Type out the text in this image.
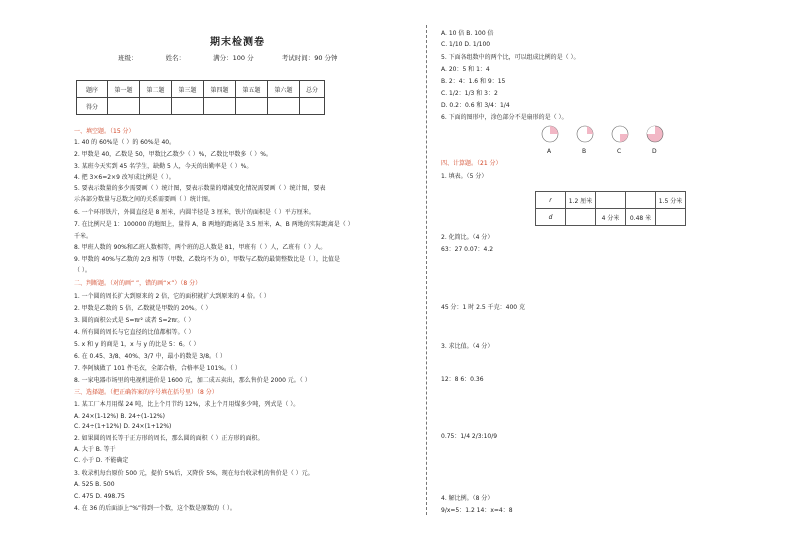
期末检测卷
班级：	姓名：	满分：100 分	考试时间：90 分钟
题序	第一题	第二题	第三题	第四题	第五题	第六题	总分
得分							
一、填空题。（15 分）
1. 40 的 60%是（ ）的 60%是 40。
2. 甲数是 40，乙数是 50，甲数比乙数少（ ）%，乙数比甲数多（ ）%。
3. 某班今天实到 45 名学生，缺勤 5 人，今天的出勤率是（ ）%。
4. 把 3×6=2×9 改写成比例是（ ）。
5. 要表示数量的多少需要画（ ）统计图，要表示数量的增减变化情况需要画（ ）统计图，要表
示各部分数量与总数之间的关系需要画（ ）统计图。
6. 一个环形铁片，外圆直径是 8 厘米，内圆半径是 3 厘米，铁片的面积是（ ）平方厘米。
7. 在比例尺是 1：100000 的地图上，量得 A、B 两地的距离是 3.5 厘米，A、B 两地的实际距离是（ ）
千米。
8. 甲班人数的 90%和乙班人数相等，两个班的总人数是 81，甲班有（ ）人，乙班有（ ）人。
9. 甲数的 40%与乙数的 2/3 相等（甲数、乙数均不为 0），甲数与乙数的最简整数比是（ ），比值是
（ ）。
二、判断题。（对的画“ ”，错的画“×”）（8 分）
1. 一个圆的周长扩大到原来的 2 倍，它的面积就扩大到原来的 4 倍。（ ）
2. 甲数是乙数的 5 倍，乙数就是甲数的 20%。（ ）
3. 圆的面积公式是 S=πr² 或者 S=2πr。（ ）
4. 所有圆的周长与它直径的比值都相等。（ ）
5. x 和 y 的商是 1，x 与 y 的比是 5：6。（ ）
6. 在 0.45、3/8、40%、3/7 中，最小的数是 3/8。（ ）
7. 李阿姨做了 101 件毛衣，全部合格，合格率是 101%。（ ）
8. 一家电器市场里的电视机进价是 1600 元，加二成五卖出，那么售价是 2000 元。（ ）
三、选择题。（把正确答案的序号填在括号里）（8 分）
1. 某工厂本月用煤 24 吨，比上个月节约 12%，求上个月用煤多少吨，列式是（ ）。
A. 24×(1-12%) B. 24÷(1-12%)
C. 24÷(1+12%) D. 24×(1+12%)
2. 如果圆的周长等于正方形的周长，那么圆的面积（ ）正方形的面积。
A. 大于 B. 等于
C. 小于 D. 不能确定
3. 收录机每台原价 500 元，提价 5%后，又降价 5%，现在每台收录机的售价是（ ）元。
A. 525 B. 500
C. 475 D. 498.75
4. 在 36 的后面添上“%”得到一个数，这个数是原数的（ ）。
A. 10 倍 B. 100 倍
C. 1/10 D. 1/100
5. 下面各组数中的两个比，可以组成比例的是（ ）。
A. 20：5 和 1：4
B. 2：4：1.6 和 9：15
C. 1/2：1/3 和 3：2
D. 0.2：0.6 和 3/4：1/4
6. 下面的图形中，涂色部分不是扇形的是（ ）。
A	B	C	D
四、计算题。（21 分）
1. 填表。（5 分）
r	1.2 厘米			1.5 分米
d		4 分米	0.48 米	
2. 化简比。（4 分）
63：27 0.07：4.2
45 分：1 时 2.5 千克：400 克
3. 求比值。（4 分）
12：8 6：0.36
0.75：1/4 2/3:10/9
4. 解比例。（8 分）
9/x=5：1.2 14：x=4：8
